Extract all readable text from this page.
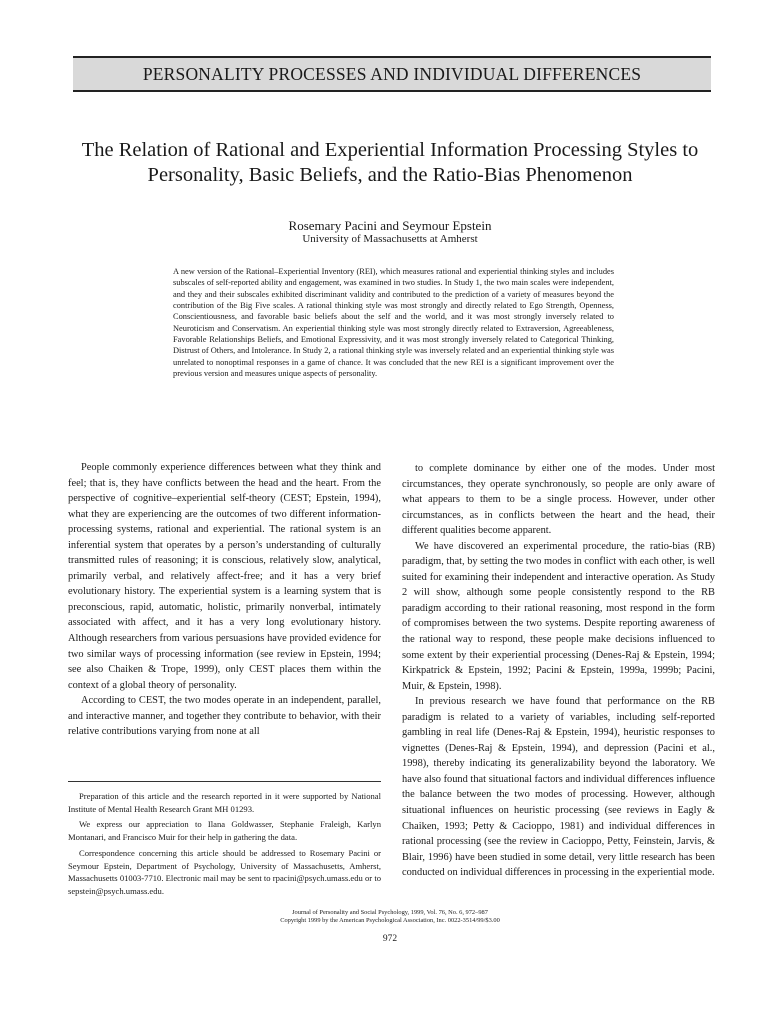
PERSONALITY PROCESSES AND INDIVIDUAL DIFFERENCES
The Relation of Rational and Experiential Information Processing Styles to Personality, Basic Beliefs, and the Ratio-Bias Phenomenon
Rosemary Pacini and Seymour Epstein
University of Massachusetts at Amherst
A new version of the Rational–Experiential Inventory (REI), which measures rational and experiential thinking styles and includes subscales of self-reported ability and engagement, was examined in two studies. In Study 1, the two main scales were independent, and they and their subscales exhibited discriminant validity and contributed to the prediction of a variety of measures beyond the contribution of the Big Five scales. A rational thinking style was most strongly and directly related to Ego Strength, Openness, Conscientiousness, and favorable basic beliefs about the self and the world, and it was most strongly inversely related to Neuroticism and Conservatism. An experiential thinking style was most strongly directly related to Extraversion, Agreeableness, Favorable Relationships Beliefs, and Emotional Expressivity, and it was most strongly inversely related to Categorical Thinking, Distrust of Others, and Intolerance. In Study 2, a rational thinking style was inversely related and an experiential thinking style was unrelated to nonoptimal responses in a game of chance. It was concluded that the new REI is a significant improvement over the previous version and measures unique aspects of personality.

People commonly experience differences between what they think and feel; that is, they have conflicts between the head and the heart. From the perspective of cognitive–experiential self-theory (CEST; Epstein, 1994), what they are experiencing are the outcomes of two different information-processing systems, rational and experiential. The rational system is an inferential system that operates by a person’s understanding of culturally transmitted rules of reasoning; it is conscious, relatively slow, analytical, primarily verbal, and relatively affect-free; and it has a very brief evolutionary history. The experiential system is a learning system that is preconscious, rapid, automatic, holistic, primarily nonverbal, intimately associated with affect, and it has a very long evolutionary history. Although researchers from various persuasions have provided evidence for two similar ways of processing information (see review in Epstein, 1994; see also Chaiken & Trope, 1999), only CEST places them within the context of a global theory of personality.

According to CEST, the two modes operate in an independent, parallel, and interactive manner, and together they contribute to behavior, with their relative contributions varying from none at all

to complete dominance by either one of the modes. Under most circumstances, they operate synchronously, so people are only aware of what appears to them to be a single process. However, under other circumstances, as in conflicts between the heart and the head, their different qualities become apparent.

We have discovered an experimental procedure, the ratio-bias (RB) paradigm, that, by setting the two modes in conflict with each other, is well suited for examining their independent and interactive operation. As Study 2 will show, although some people consistently respond to the RB paradigm according to their rational reasoning, most respond in the form of compromises between the two systems. Despite reporting awareness of the rational way to respond, these people make decisions influenced to some extent by their experiential processing (Denes-Raj & Epstein, 1994; Kirkpatrick & Epstein, 1992; Pacini & Epstein, 1999a, 1999b; Pacini, Muir, & Epstein, 1998).

In previous research we have found that performance on the RB paradigm is related to a variety of variables, including self-reported gambling in real life (Denes-Raj & Epstein, 1994), heuristic responses to vignettes (Denes-Raj & Epstein, 1994), and depression (Pacini et al., 1998), thereby indicating its generalizability beyond the laboratory. We have also found that situational factors and individual differences influence the balance between the two modes of processing. However, although situational influences on heuristic processing (see reviews in Eagly & Chaiken, 1993; Petty & Cacioppo, 1981) and individual differences in rational processing (see the review in Cacioppo, Petty, Feinstein, Jarvis, & Blair, 1996) have been studied in some detail, very little research has been conducted on individual differences in processing in the experiential mode.

Preparation of this article and the research reported in it were supported by National Institute of Mental Health Research Grant MH 01293.

We express our appreciation to Ilana Goldwasser, Stephanie Fraleigh, Karlyn Montanari, and Francisco Muir for their help in gathering the data.

Correspondence concerning this article should be addressed to Rosemary Pacini or Seymour Epstein, Department of Psychology, University of Massachusetts, Amherst, Massachusetts 01003-7710. Electronic mail may be sent to rpacini@psych.umass.edu or to sepstein@psych.umass.edu.

Journal of Personality and Social Psychology, 1999, Vol. 76, No. 6, 972–987
Copyright 1999 by the American Psychological Association, Inc. 0022-3514/99/$3.00
972
